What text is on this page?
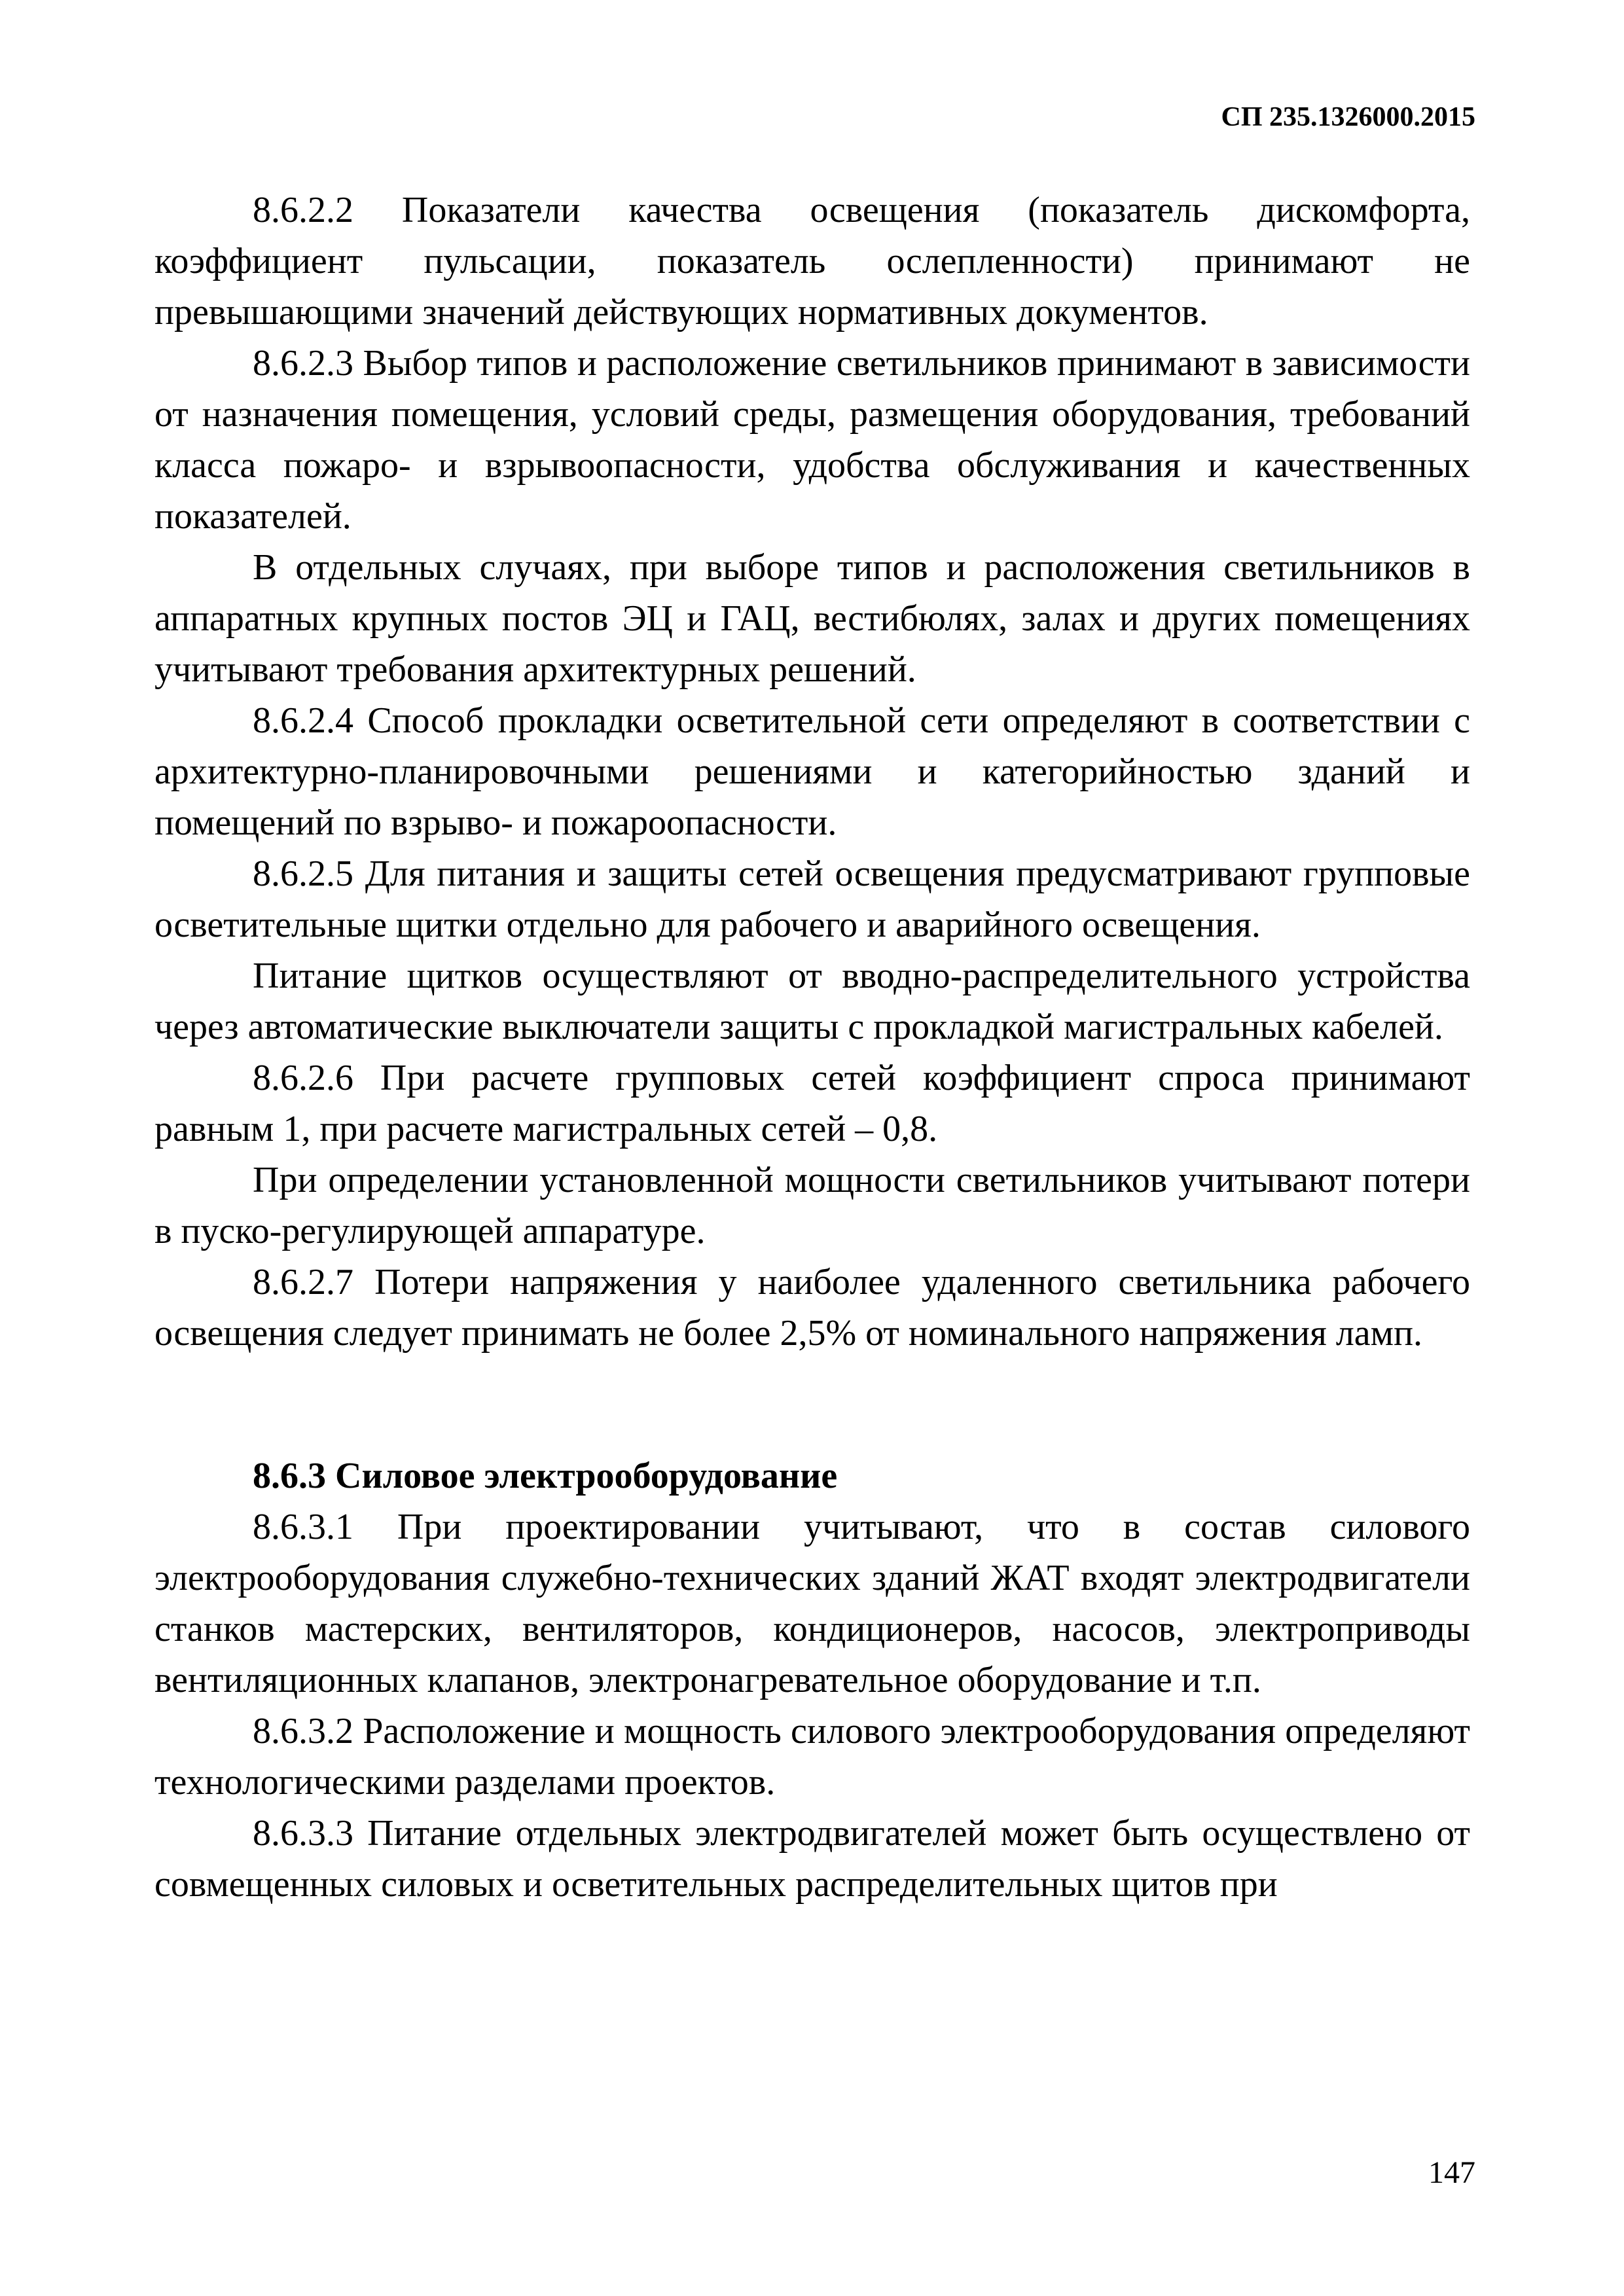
СП 235.1326000.2015

8.6.2.2 Показатели качества освещения (показатель дискомфорта, коэффициент пульсации, показатель ослепленности) принимают не превышающими значений действующих нормативных документов.

8.6.2.3 Выбор типов и расположение светильников принимают в зависимости от назначения помещения, условий среды, размещения оборудования, требований класса пожаро- и взрывоопасности, удобства обслуживания и качественных показателей.

В отдельных случаях, при выборе типов и расположения светильников в аппаратных крупных постов ЭЦ и ГАЦ, вестибюлях, залах и других помещениях учитывают требования архитектурных решений.

8.6.2.4 Способ прокладки осветительной сети определяют в соответствии с архитектурно-планировочными решениями и категорийностью зданий и помещений по взрыво- и пожароопасности.

8.6.2.5 Для питания и защиты сетей освещения предусматривают групповые осветительные щитки отдельно для рабочего и аварийного освещения.

Питание щитков осуществляют от вводно-распределительного устройства через автоматические выключатели защиты с прокладкой магистральных кабелей.

8.6.2.6 При расчете групповых сетей коэффициент спроса принимают равным 1, при расчете магистральных сетей – 0,8.

При определении установленной мощности светильников учитывают потери в пуско-регулирующей аппаратуре.

8.6.2.7 Потери напряжения у наиболее удаленного светильника рабочего освещения следует принимать не более 2,5% от номинального напряжения ламп.

8.6.3 Силовое электрооборудование

8.6.3.1 При проектировании учитывают, что в состав силового электрооборудования служебно-технических зданий ЖАТ входят электродвигатели станков мастерских, вентиляторов, кондиционеров, насосов, электроприводы вентиляционных клапанов, электронагревательное оборудование и т.п.

8.6.3.2 Расположение и мощность силового электрооборудования определяют технологическими разделами проектов.

8.6.3.3 Питание отдельных электродвигателей может быть осуществлено от совмещенных силовых и осветительных распределительных щитов при

147
